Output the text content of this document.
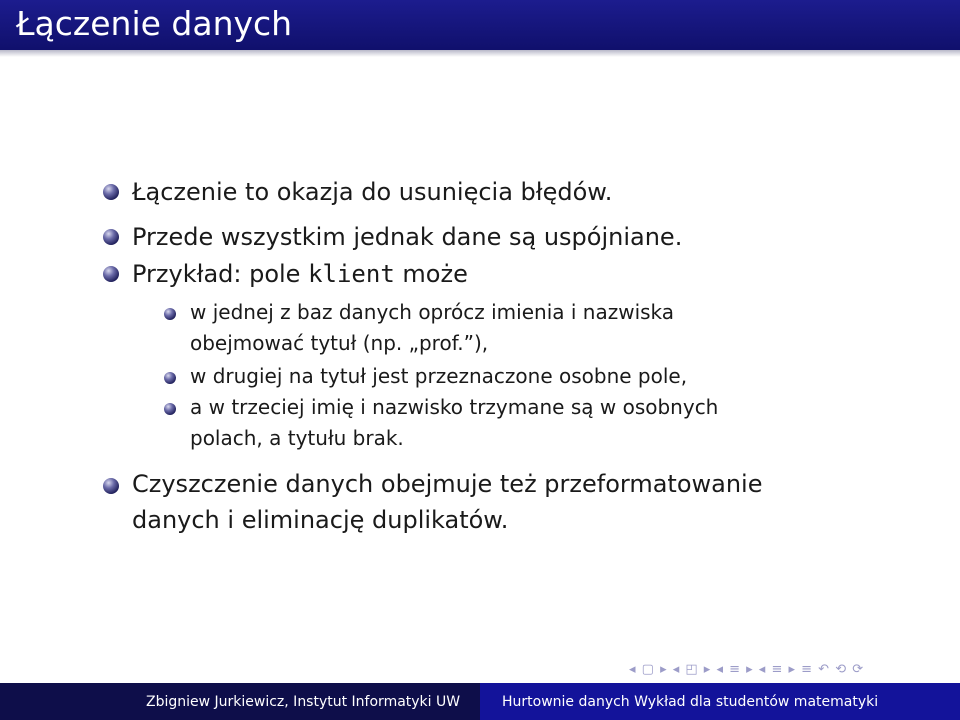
Łączenie danych
Łączenie to okazja do usunięcia błędów.
Przede wszystkim jednak dane są uspójniane.
Przykład: pole klient może
w jednej z baz danych oprócz imienia i nazwiska
obejmować tytuł (np. „prof.”),
w drugiej na tytuł jest przeznaczone osobne pole,
a w trzeciej imię i nazwisko trzymane są w osobnych
polach, a tytułu brak.
Czyszczenie danych obejmuje też przeformatowanie
danych i eliminację duplikatów.
◂ ▢ ▸ ◂ ◰ ▸ ◂ ≡ ▸ ◂ ≡ ▸ ≡ ↶ ⟲ ⟳
Zbigniew Jurkiewicz, Instytut Informatyki UW	Hurtownie danych Wykład dla studentów matematyki
